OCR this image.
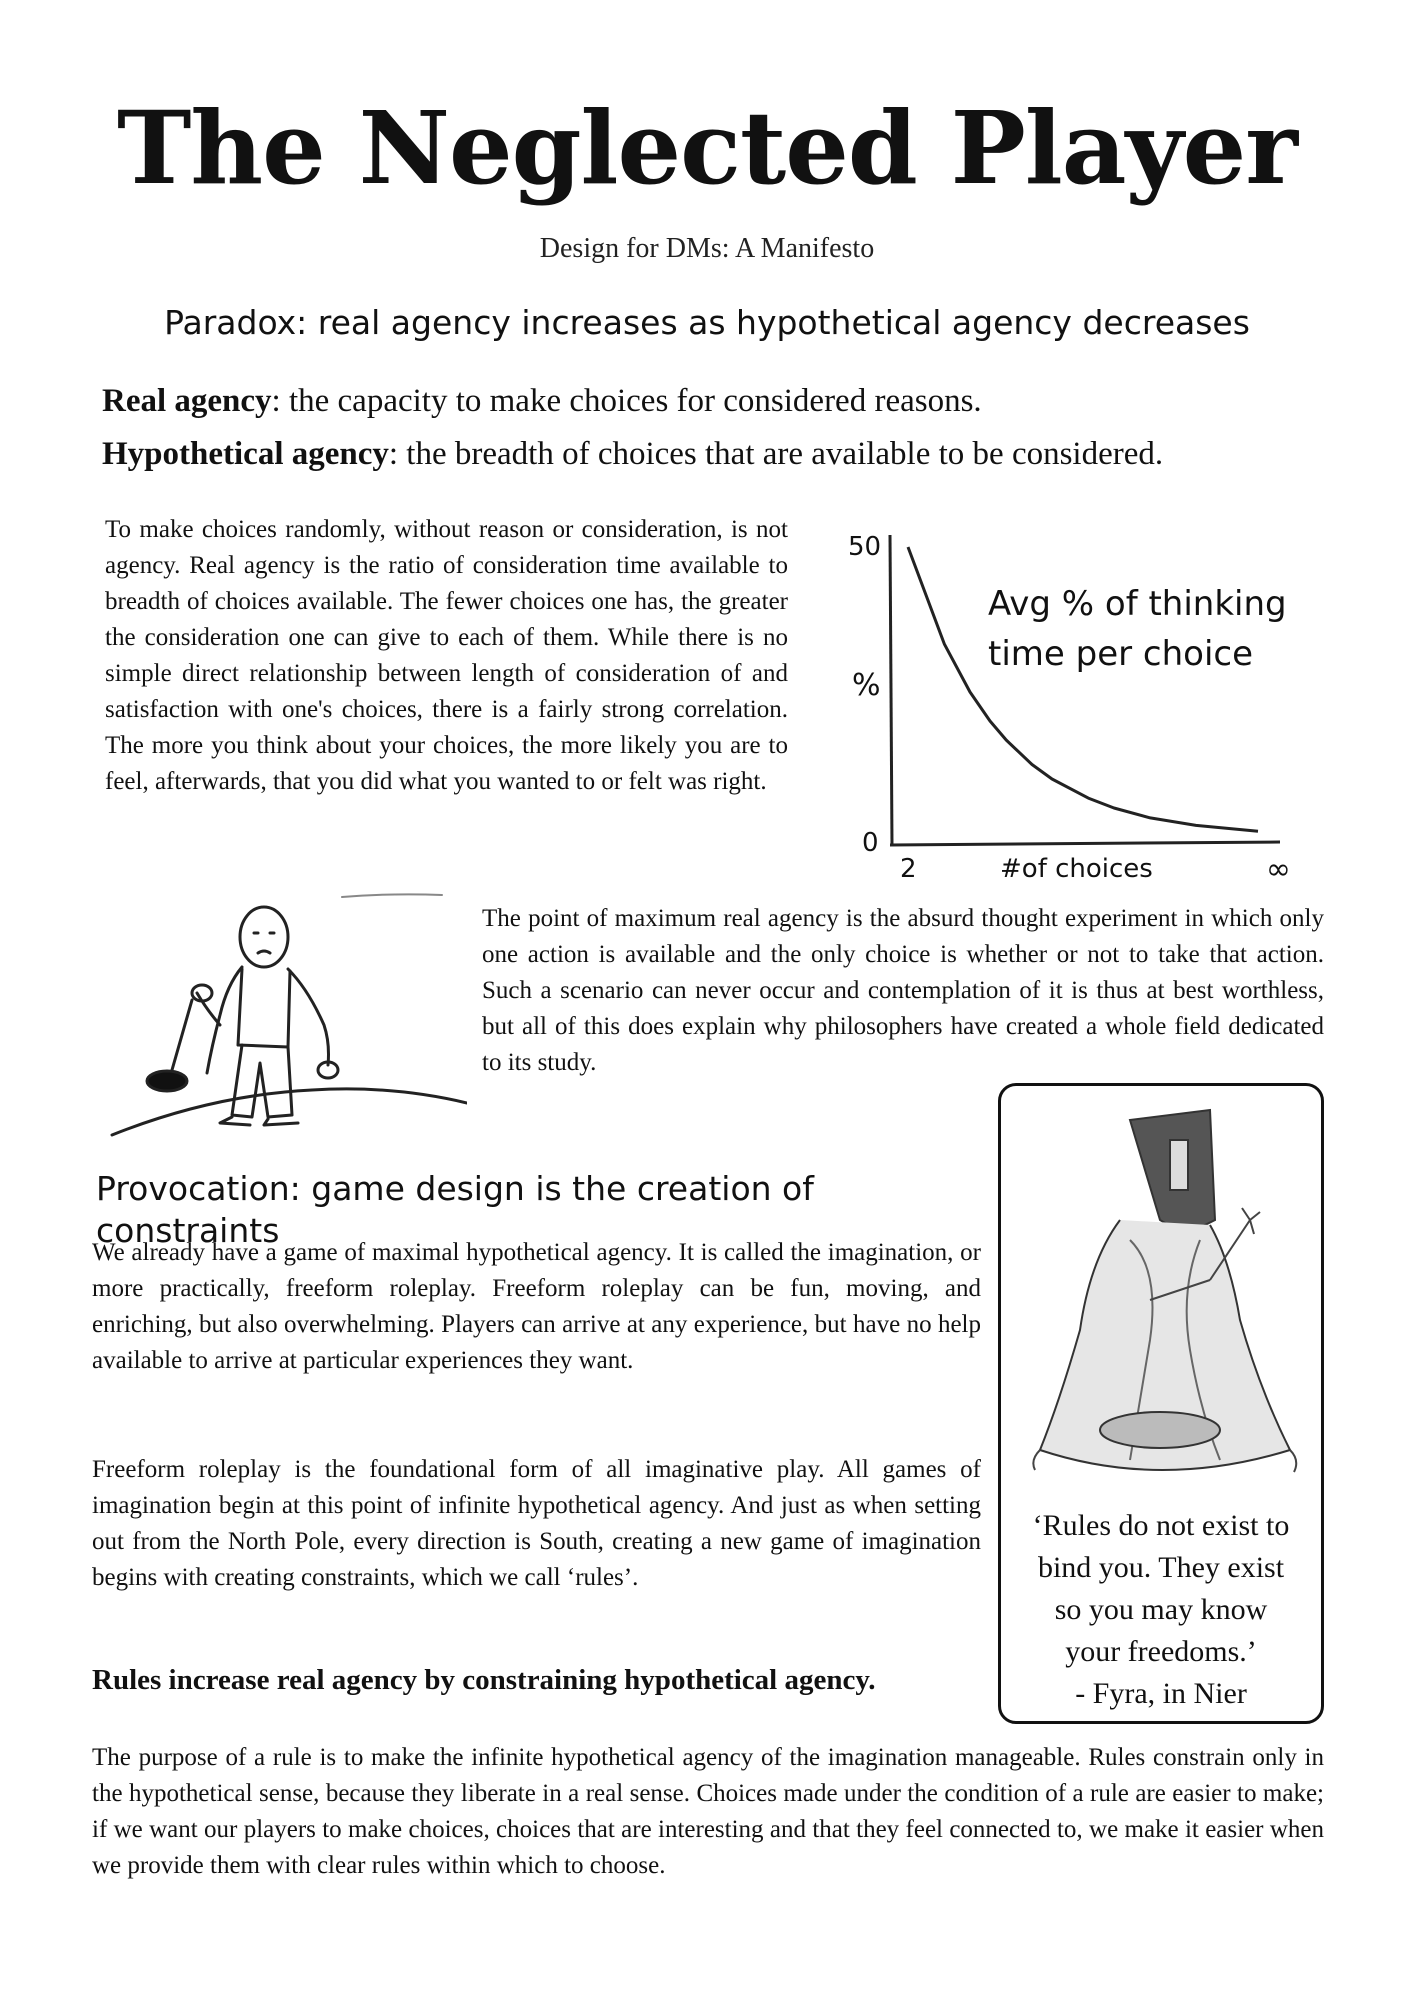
The Neglected Player
Design for DMs: A Manifesto
Paradox: real agency increases as hypothetical agency decreases
Real agency: the capacity to make choices for considered reasons.
Hypothetical agency: the breadth of choices that are available to be considered.
To make choices randomly, without reason or consideration, is not agency. Real agency is the ratio of consideration time available to breadth of choices available. The fewer choices one has, the greater the consideration one can give to each of them. While there is no simple direct relationship between length of consideration of and satisfaction with one's choices, there is a fairly strong correlation. The more you think about your choices, the more likely you are to feel, afterwards, that you did what you wanted to or felt was right.
0
50
2	∞
%
#of choices
Avg % of thinking
time per choice
The point of maximum real agency is the absurd thought experiment in which only one action is available and the only choice is whether or not to take that action. Such a scenario can never occur and contemplation of it is thus at best worthless, but all of this does explain why philosophers have created a whole field dedicated to its study.
‘Rules do not exist to
bind you. They exist
so you may know
your freedoms.’
- Fyra, in Nier
Provocation: game design is the creation of constraints
We already have a game of maximal hypothetical agency. It is called the imagination, or more practically, freeform roleplay. Freeform roleplay can be fun, moving, and enriching, but also overwhelming. Players can arrive at any experience, but have no help available to arrive at particular experiences they want.
Freeform roleplay is the foundational form of all imaginative play. All games of imagination begin at this point of infinite hypothetical agency. And just as when setting out from the North Pole, every direction is South, creating a new game of imagination begins with creating constraints, which we call ‘rules’.
Rules increase real agency by constraining hypothetical agency.
The purpose of a rule is to make the infinite hypothetical agency of the imagination manageable. Rules constrain only in the hypothetical sense, because they liberate in a real sense. Choices made under the condition of a rule are easier to make; if we want our players to make choices, choices that are interesting and that they feel connected to, we make it easier when we provide them with clear rules within which to choose.
